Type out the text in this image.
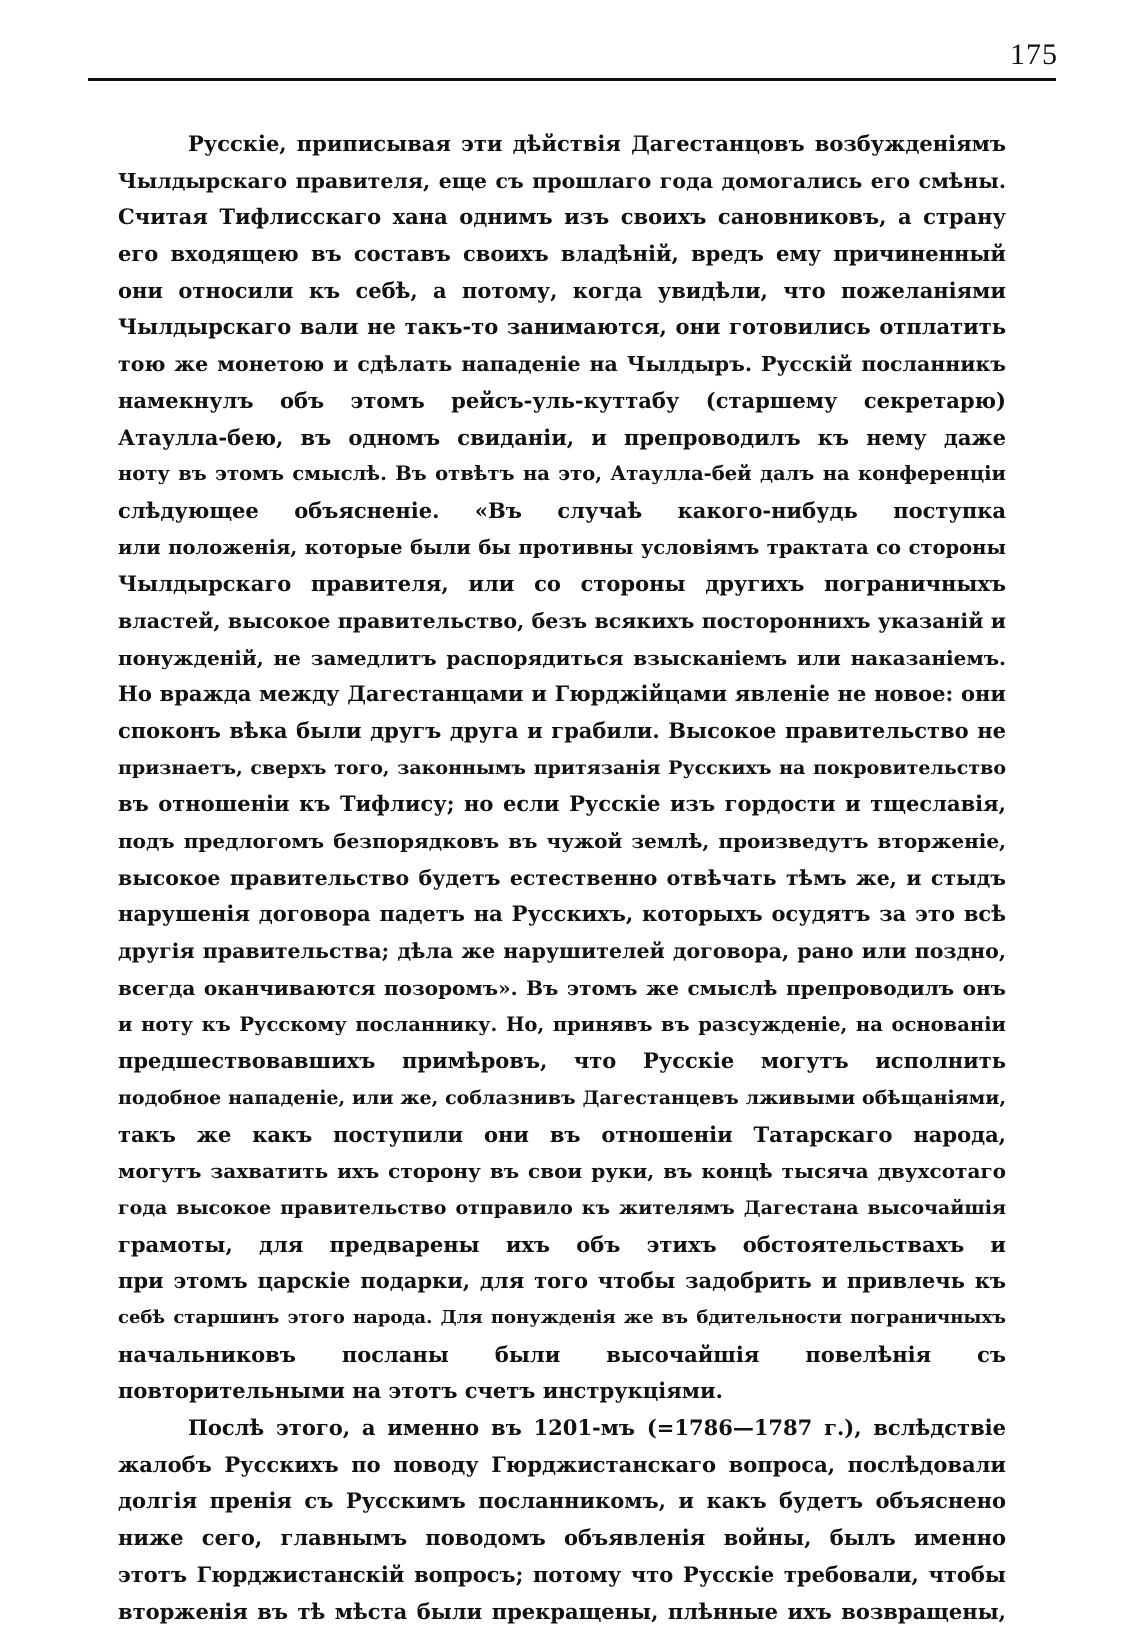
175
Русскіе, приписывая эти дѣйствія Дагестанцовъ возбужденіямъ
Чылдырскаго правителя, еще съ прошлаго года домогались его смѣны.
Считая Тифлисскаго хана однимъ изъ своихъ сановниковъ, а страну
его входящею въ составъ своихъ владѣній, вредъ ему причиненный
они относили къ себѣ, а потому, когда увидѣли, что пожеланіями
Чылдырскаго вали не такъ-то занимаются, они готовились отплатить
тою же монетою и сдѣлать нападеніе на Чылдыръ. Русскій посланникъ
намекнулъ объ этомъ рейсъ-уль-куттабу (старшему секретарю)
Атаулла-бею, въ одномъ свиданіи, и препроводилъ къ нему даже
ноту въ этомъ смыслѣ. Въ отвѣтъ на это, Атаулла-бей далъ на конференціи
слѣдующее объясненіе. «Въ случаѣ какого-нибудь поступка
или положенія, которые были бы противны условіямъ трактата со стороны
Чылдырскаго правителя, или со стороны другихъ пограничныхъ
властей, высокое правительство, безъ всякихъ постороннихъ указаній и
понужденій, не замедлитъ распорядиться взысканіемъ или наказаніемъ.
Но вражда между Дагестанцами и Гюрджійцами явленіе не новое: они
споконъ вѣка были другъ друга и грабили. Высокое правительство не
признаетъ, сверхъ того, законнымъ притязанія Русскихъ на покровительство
въ отношеніи къ Тифлису; но если Русскіе изъ гордости и тщеславія,
подъ предлогомъ безпорядковъ въ чужой землѣ, произведутъ вторженіе,
высокое правительство будетъ естественно отвѣчать тѣмъ же, и стыдъ
нарушенія договора падетъ на Русскихъ, которыхъ осудятъ за это всѣ
другія правительства; дѣла же нарушителей договора, рано или поздно,
всегда оканчиваются позоромъ». Въ этомъ же смыслѣ препроводилъ онъ
и ноту къ Русскому посланнику. Но, принявъ въ разсужденіе, на основаніи
предшествовавшихъ примѣровъ, что Русскіе могутъ исполнить
подобное нападеніе, или же, соблазнивъ Дагестанцевъ лживыми обѣщаніями,
такъ же какъ поступили они въ отношеніи Татарскаго народа,
могутъ захватить ихъ сторону въ свои руки, въ концѣ тысяча двухсотаго
года высокое правительство отправило къ жителямъ Дагестана высочайшія
грамоты, для предварены ихъ объ этихъ обстоятельствахъ и
при этомъ царскіе подарки, для того чтобы задобрить и привлечь къ
себѣ старшинъ этого народа. Для понужденія же въ бдительности пограничныхъ
начальниковъ посланы были высочайшія повелѣнія съ
повторительными на этотъ счетъ инструкціями.
Послѣ этого, а именно въ 1201-мъ (=1786—1787 г.), вслѣдствіе
жалобъ Русскихъ по поводу Гюрджистанскаго вопроса, послѣдовали
долгія пренія съ Русскимъ посланникомъ, и какъ будетъ объяснено
ниже сего, главнымъ поводомъ объявленія войны, былъ именно
этотъ Гюрджистанскій вопросъ; потому что Русскіе требовали, чтобы
вторженія въ тѣ мѣста были прекращены, плѣнные ихъ возвращены,
